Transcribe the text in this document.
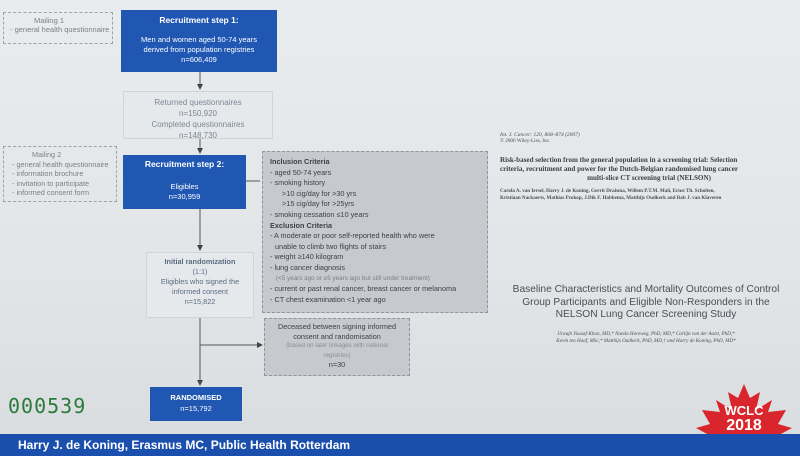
Mailing 1
- general health questionnaire
Recruitment step 1:
Men and women aged 50-74 years
derived from population registries
n=606,409
Returned questionnaires
n=150,920
Completed questionnaires
n=148,730
Mailing 2
- general health questionnaire
- information brochure
- invitation to participate
- informed consent form
Recruitment step 2:
Eligibles
n=30,959
Inclusion Criteria
- aged 50-74 years
- smoking history
>10 cig/day for >30 yrs
>15 cig/day for >25yrs
- smoking cessation ≤10 years
Exclusion Criteria
- A moderate or poor self-reported health who were
unable to climb two flights of stairs
- weight ≥140 kilogram
- lung cancer diagnosis
(<5 years ago or ≥5 years ago but still under treatment)
- current or past renal cancer, breast cancer or melanoma
- CT chest examination <1 year ago
Initial randomization
(1:1)
Eligibles who signed the
informed consent
n=15,822
Deceased between signing informed
consent and randomisation
(based on later linkages with national
registries)
n=30
RANDOMISED
n=15,792
000539
Int. J. Cancer: 120, 868–874 (2007)
© 2006 Wiley-Liss, Inc.
Risk-based selection from the general population in a screening trial: Selection
criteria, recruitment and power for the Dutch-Belgian randomised lung cancer
multi-slice CT screening trial (NELSON)
Carola A. van Iersel, Harry J. de Koning, Gerrit Draisma, Willem P.T.M. Mali, Ernst Th. Scholten,
Kristiaan Nackaerts, Mathias Prokop, J.Dik F. Habbema, Matthijs Oudkerk and Rob J. van Klaveren
Baseline Characteristics and Mortality Outcomes of Control
Group Participants and Eligible Non-Responders in the
NELSON Lung Cancer Screening Study
Uraujh Yousaf-Khan, MD,* Nanda Horeweg, PhD, MD,* Carlijn van der Aalst, PhD,*
Kevin ten Haaf, MSc,* Matthijs Oudkerk, PhD, MD,† and Harry de Koning, PhD, MD*
WCLC
2018
Harry J. de Koning, Erasmus MC, Public Health Rotterdam
